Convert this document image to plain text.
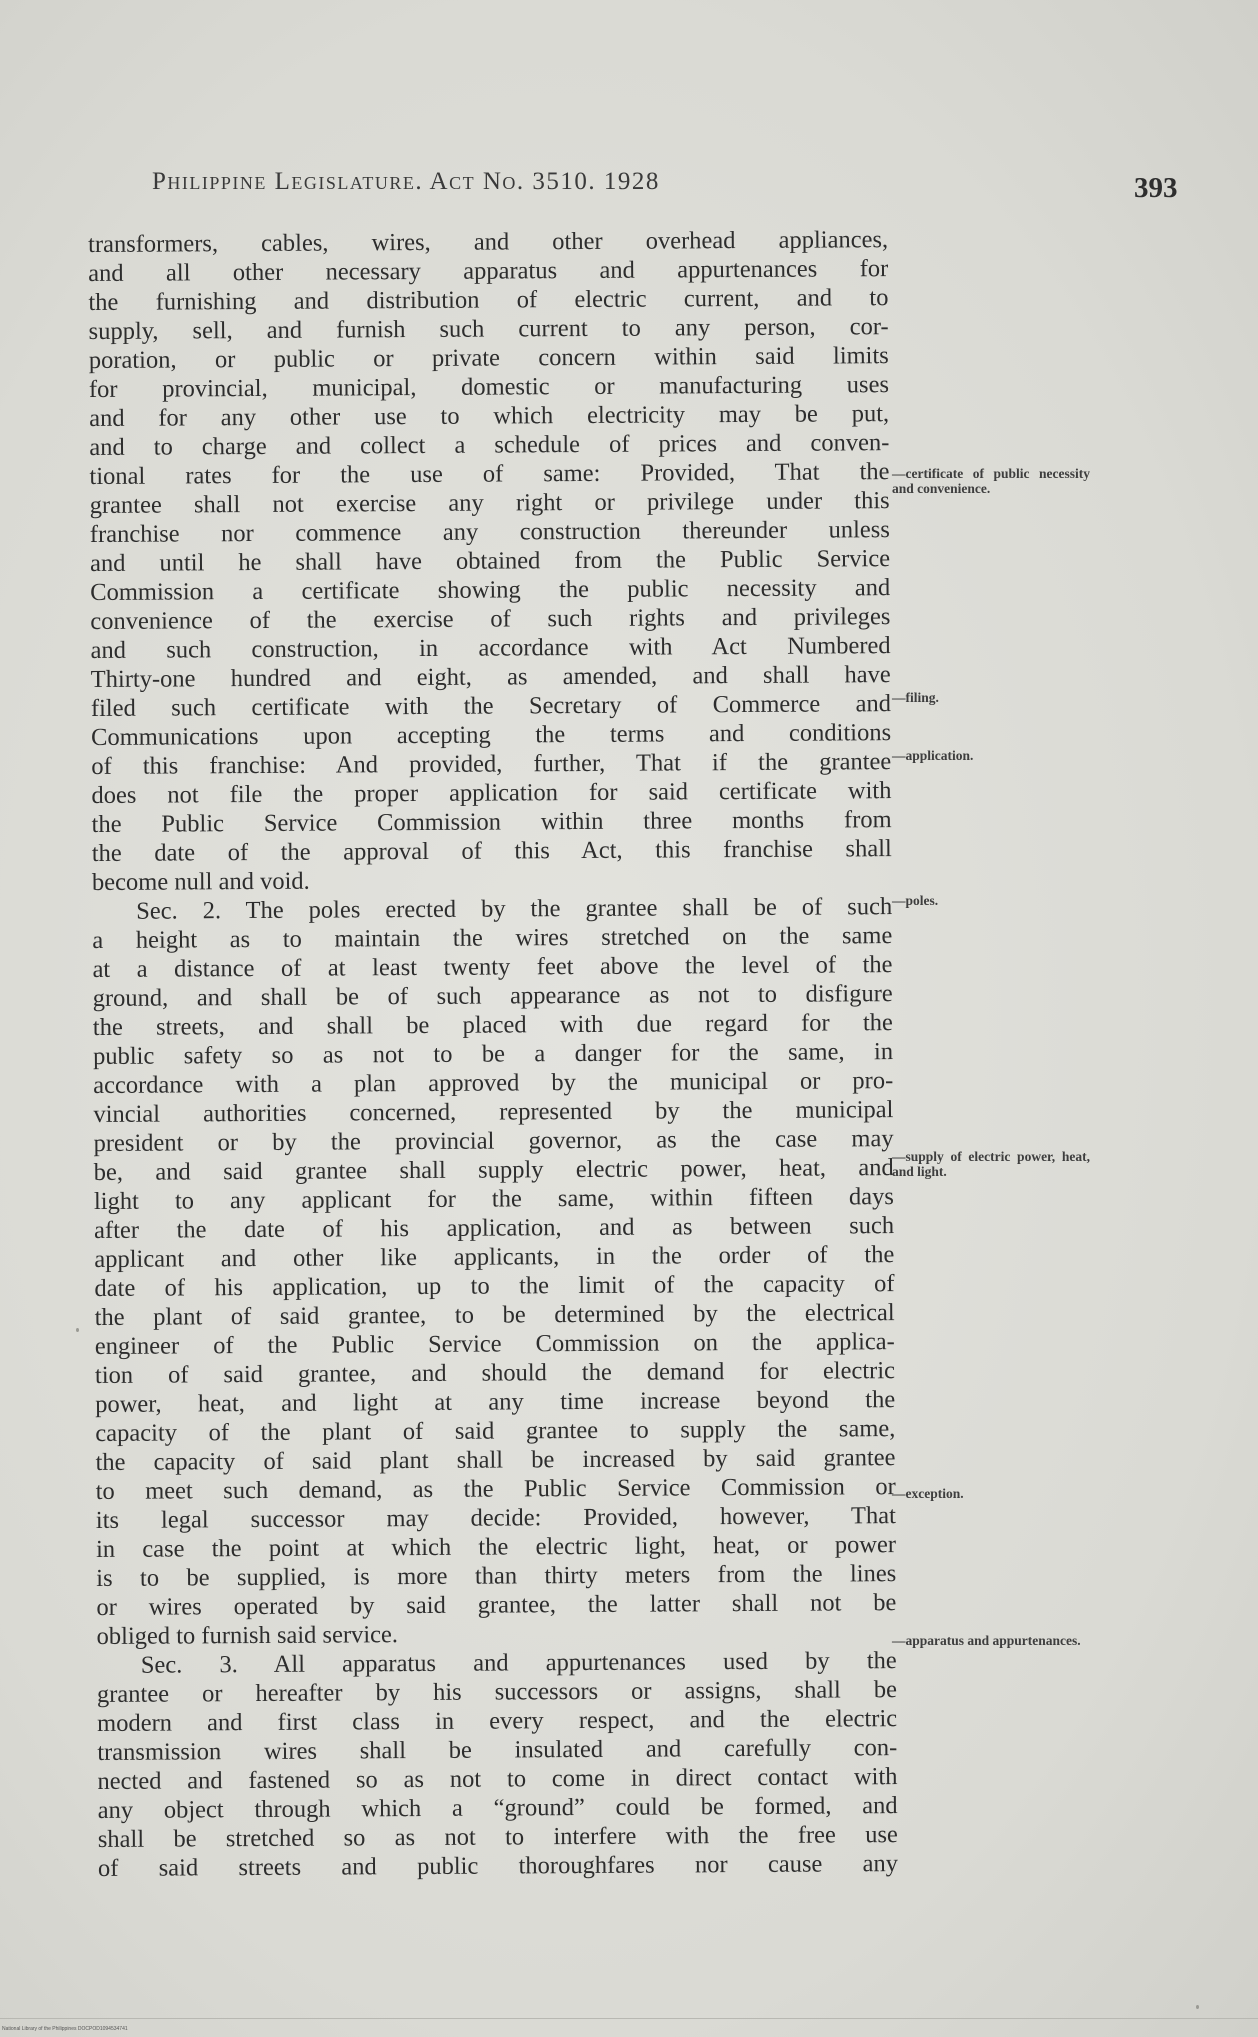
Philippine Legislature. Act No. 3510. 1928	393
transformers, cables, wires, and other overhead appliances,
and all other necessary apparatus and appurtenances for
the furnishing and distribution of electric current, and to
supply, sell, and furnish such current to any person, cor-
poration, or public or private concern within said limits
for provincial, municipal, domestic or manufacturing uses
and for any other use to which electricity may be put,
and to charge and collect a schedule of prices and conven-
tional rates for the use of same: Provided, That the
grantee shall not exercise any right or privilege under this
franchise nor commence any construction thereunder unless
and until he shall have obtained from the Public Service
Commission a certificate showing the public necessity and
convenience of the exercise of such rights and privileges
and such construction, in accordance with Act Numbered
Thirty-one hundred and eight, as amended, and shall have
filed such certificate with the Secretary of Commerce and
Communications upon accepting the terms and conditions
of this franchise: And provided, further, That if the grantee
does not file the proper application for said certificate with
the Public Service Commission within three months from
the date of the approval of this Act, this franchise shall
become null and void.
Sec. 2. The poles erected by the grantee shall be of such
a height as to maintain the wires stretched on the same
at a distance of at least twenty feet above the level of the
ground, and shall be of such appearance as not to disfigure
the streets, and shall be placed with due regard for the
public safety so as not to be a danger for the same, in
accordance with a plan approved by the municipal or pro-
vincial authorities concerned, represented by the municipal
president or by the provincial governor, as the case may
be, and said grantee shall supply electric power, heat, and
light to any applicant for the same, within fifteen days
after the date of his application, and as between such
applicant and other like applicants, in the order of the
date of his application, up to the limit of the capacity of
the plant of said grantee, to be determined by the electrical
engineer of the Public Service Commission on the applica-
tion of said grantee, and should the demand for electric
power, heat, and light at any time increase beyond the
capacity of the plant of said grantee to supply the same,
the capacity of said plant shall be increased by said grantee
to meet such demand, as the Public Service Commission or
its legal successor may decide: Provided, however, That
in case the point at which the electric light, heat, or power
is to be supplied, is more than thirty meters from the lines
or wires operated by said grantee, the latter shall not be
obliged to furnish said service.
Sec. 3. All apparatus and appurtenances used by the
grantee or hereafter by his successors or assigns, shall be
modern and first class in every respect, and the electric
transmission wires shall be insulated and carefully con-
nected and fastened so as not to come in direct contact with
any object through which a “ground” could be formed, and
shall be stretched so as not to interfere with the free use
of said streets and public thoroughfares nor cause any
—certificate of public necessity and convenience.
—filing.
—application.
—poles.
—supply of electric power, heat, and light.
—exception.
—apparatus and appurtenances.
National Library of the Philippines DOCPOD1094534741
